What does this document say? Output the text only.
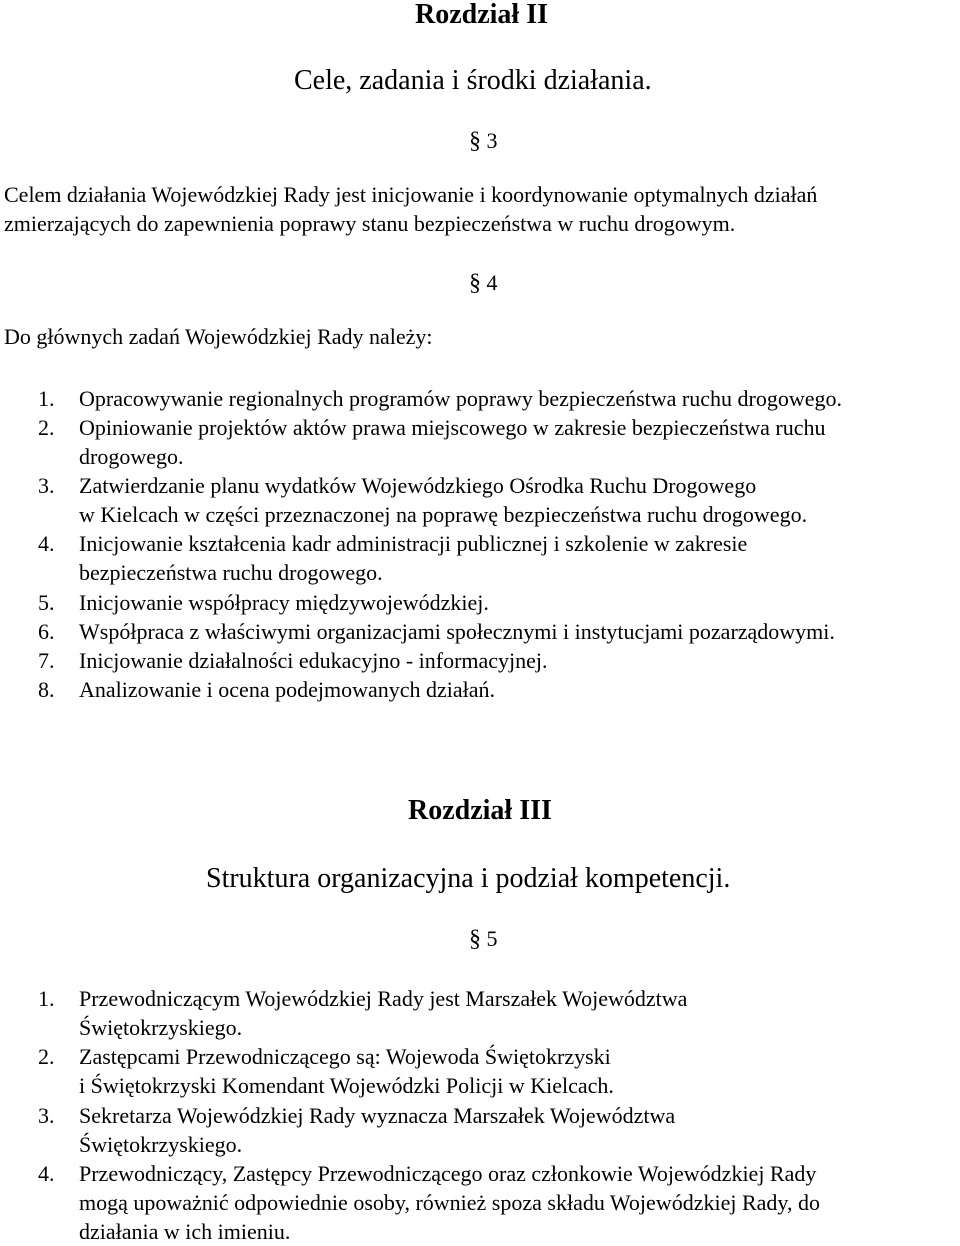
Rozdział II
Cele, zadania i środki działania.
§ 3
Celem działania Wojewódzkiej Rady jest inicjowanie i koordynowanie optymalnych działań
zmierzających do zapewnienia poprawy stanu bezpieczeństwa w ruchu drogowym.
§ 4
Do głównych zadań Wojewódzkiej Rady należy:
1. Opracowywanie regionalnych programów poprawy bezpieczeństwa ruchu drogowego.
2. Opiniowanie projektów aktów prawa miejscowego w zakresie bezpieczeństwa ruchu
drogowego.
3. Zatwierdzanie planu wydatków Wojewódzkiego Ośrodka Ruchu Drogowego
w Kielcach w części przeznaczonej na poprawę bezpieczeństwa ruchu drogowego.
4. Inicjowanie kształcenia kadr administracji publicznej i szkolenie w zakresie
bezpieczeństwa ruchu drogowego.
5. Inicjowanie współpracy międzywojewódzkiej.
6. Współpraca z właściwymi organizacjami społecznymi i instytucjami pozarządowymi.
7. Inicjowanie działalności edukacyjno - informacyjnej.
8. Analizowanie i ocena podejmowanych działań.
Rozdział III
Struktura organizacyjna i podział kompetencji.
§ 5
1. Przewodniczącym Wojewódzkiej Rady jest Marszałek Województwa
Świętokrzyskiego.
2. Zastępcami Przewodniczącego są: Wojewoda Świętokrzyski
i Świętokrzyski Komendant Wojewódzki Policji w Kielcach.
3. Sekretarza Wojewódzkiej Rady wyznacza Marszałek Województwa
Świętokrzyskiego.
4. Przewodniczący, Zastępcy Przewodniczącego oraz członkowie Wojewódzkiej Rady
mogą upoważnić odpowiednie osoby, również spoza składu Wojewódzkiej Rady, do
działania w ich imieniu.
